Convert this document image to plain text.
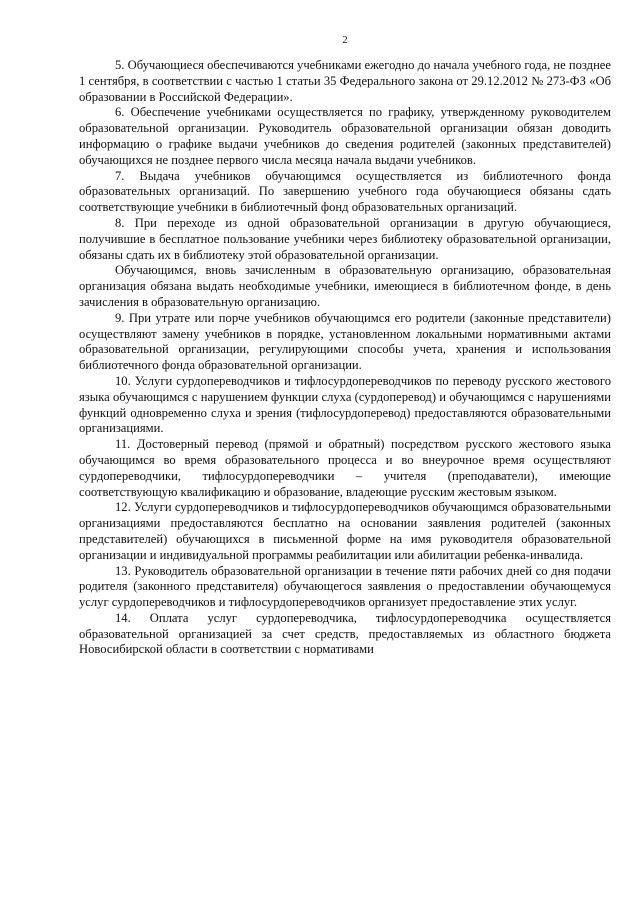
2

5. Обучающиеся обеспечиваются учебниками ежегодно до начала учебного года, не позднее 1 сентября, в соответствии с частью 1 статьи 35 Федерального закона от 29.12.2012 № 273-ФЗ «Об образовании в Российской Федерации».

6. Обеспечение учебниками осуществляется по графику, утвержденному руководителем образовательной организации. Руководитель образовательной организации обязан доводить информацию о графике выдачи учебников до сведения родителей (законных представителей) обучающихся не позднее первого числа месяца начала выдачи учебников.

7. Выдача учебников обучающимся осуществляется из библиотечного фонда образовательных организаций. По завершению учебного года обучающиеся обязаны сдать соответствующие учебники в библиотечный фонд образовательных организаций.

8. При переходе из одной образовательной организации в другую обучающиеся, получившие в бесплатное пользование учебники через библиотеку образовательной организации, обязаны сдать их в библиотеку этой образовательной организации.

Обучающимся, вновь зачисленным в образовательную организацию, образовательная организация обязана выдать необходимые учебники, имеющиеся в библиотечном фонде, в день зачисления в образовательную организацию.

9. При утрате или порче учебников обучающимся его родители (законные представители) осуществляют замену учебников в порядке, установленном локальными нормативными актами образовательной организации, регулирующими способы учета, хранения и использования библиотечного фонда образовательной организации.

10. Услуги сурдопереводчиков и тифлосурдопереводчиков по переводу русского жестового языка обучающимся с нарушением функции слуха (сурдоперевод) и обучающимся с нарушениями функций одновременно слуха и зрения (тифлосурдоперевод) предоставляются образовательными организациями.

11. Достоверный перевод (прямой и обратный) посредством русского жестового языка обучающимся во время образовательного процесса и во внеурочное время осуществляют сурдопереводчики, тифлосурдопереводчики – учителя (преподаватели), имеющие соответствующую квалификацию и образование, владеющие русским жестовым языком.

12. Услуги сурдопереводчиков и тифлосурдопереводчиков обучающимся образовательными организациями предоставляются бесплатно на основании заявления родителей (законных представителей) обучающихся в письменной форме на имя руководителя образовательной организации и индивидуальной программы реабилитации или абилитации ребенка-инвалида.

13. Руководитель образовательной организации в течение пяти рабочих дней со дня подачи родителя (законного представителя) обучающегося заявления о предоставлении обучающемуся услуг сурдопереводчиков и тифлосурдопереводчиков организует предоставление этих услуг.

14. Оплата услуг сурдопереводчика, тифлосурдопереводчика осуществляется образовательной организацией за счет средств, предоставляемых из областного бюджета Новосибирской области в соответствии с нормативами
